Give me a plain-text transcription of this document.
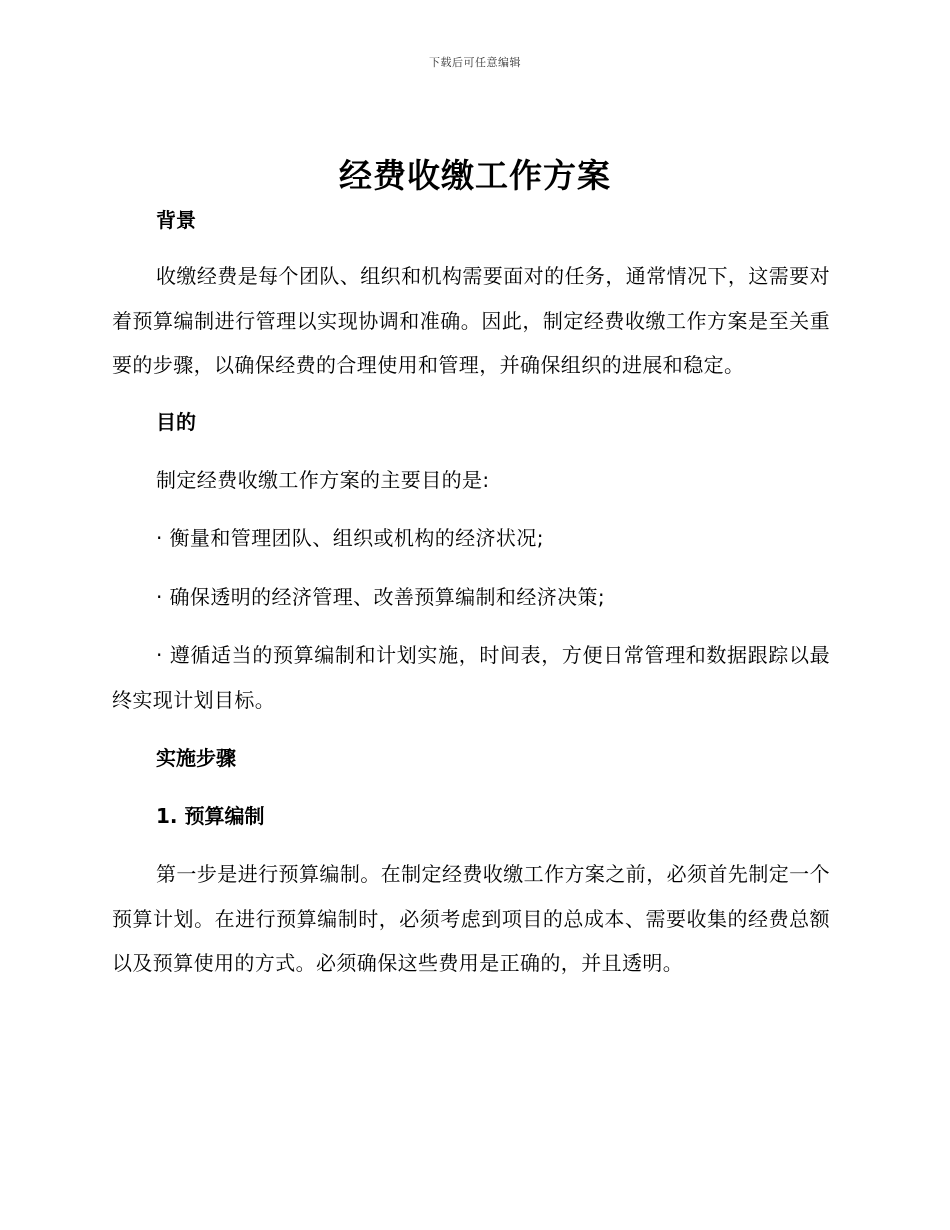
下载后可任意编辑
经费收缴工作方案

背景

收缴经费是每个团队、组织和机构需要面对的任务，通常情况下，这需要对着预算编制进行管理以实现协调和准确。因此，制定经费收缴工作方案是至关重要的步骤，以确保经费的合理使用和管理，并确保组织的进展和稳定。

目的

制定经费收缴工作方案的主要目的是:

· 衡量和管理团队、组织或机构的经济状况;

· 确保透明的经济管理、改善预算编制和经济决策;

· 遵循适当的预算编制和计划实施，时间表，方便日常管理和数据跟踪以最终实现计划目标。

实施步骤

1. 预算编制

第一步是进行预算编制。在制定经费收缴工作方案之前，必须首先制定一个预算计划。在进行预算编制时，必须考虑到项目的总成本、需要收集的经费总额以及预算使用的方式。必须确保这些费用是正确的，并且透明。
